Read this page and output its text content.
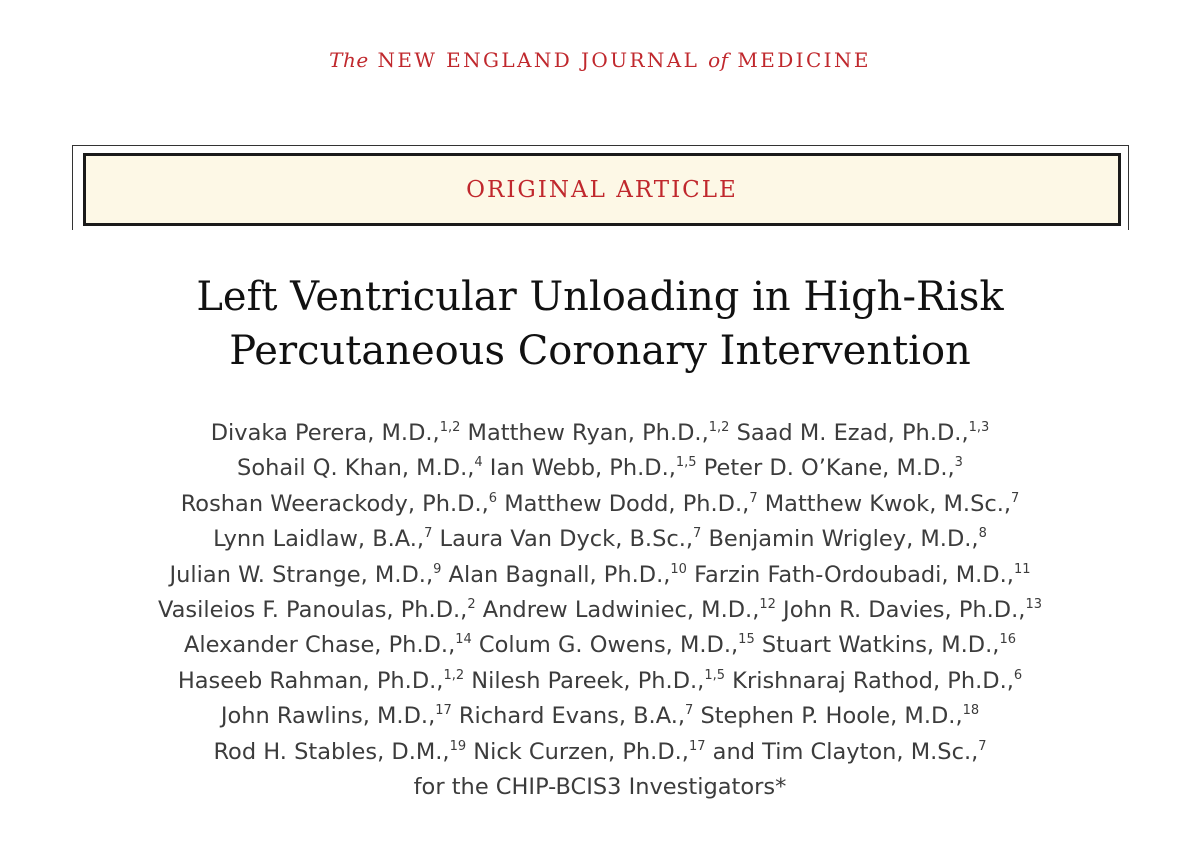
The NEW ENGLAND JOURNAL of MEDICINE
ORIGINAL ARTICLE
Left Ventricular Unloading in High-Risk
Percutaneous Coronary Intervention
Divaka Perera, M.D.,$^{1,2}$ Matthew Ryan, Ph.D.,$^{1,2}$ Saad M. Ezad, Ph.D.,$^{1,3}$
Sohail Q. Khan, M.D.,$^4$ Ian Webb, Ph.D.,$^{1,5}$ Peter D. O’Kane, M.D.,$^3$
Roshan Weerackody, Ph.D.,$^6$ Matthew Dodd, Ph.D.,$^7$ Matthew Kwok, M.Sc.,$^7$
Lynn Laidlaw, B.A.,$^7$ Laura Van Dyck, B.Sc.,$^7$ Benjamin Wrigley, M.D.,$^8$
Julian W. Strange, M.D.,$^9$ Alan Bagnall, Ph.D.,$^{10}$ Farzin Fath-Ordoubadi, M.D.,$^{11}$
Vasileios F. Panoulas, Ph.D.,$^2$ Andrew Ladwiniec, M.D.,$^{12}$ John R. Davies, Ph.D.,$^{13}$
Alexander Chase, Ph.D.,$^{14}$ Colum G. Owens, M.D.,$^{15}$ Stuart Watkins, M.D.,$^{16}$
Haseeb Rahman, Ph.D.,$^{1,2}$ Nilesh Pareek, Ph.D.,$^{1,5}$ Krishnaraj Rathod, Ph.D.,$^6$
John Rawlins, M.D.,$^{17}$ Richard Evans, B.A.,$^7$ Stephen P. Hoole, M.D.,$^{18}$
Rod H. Stables, D.M.,$^{19}$ Nick Curzen, Ph.D.,$^{17}$ and Tim Clayton, M.Sc.,$^7$
for the CHIP-BCIS3 Investigators*
